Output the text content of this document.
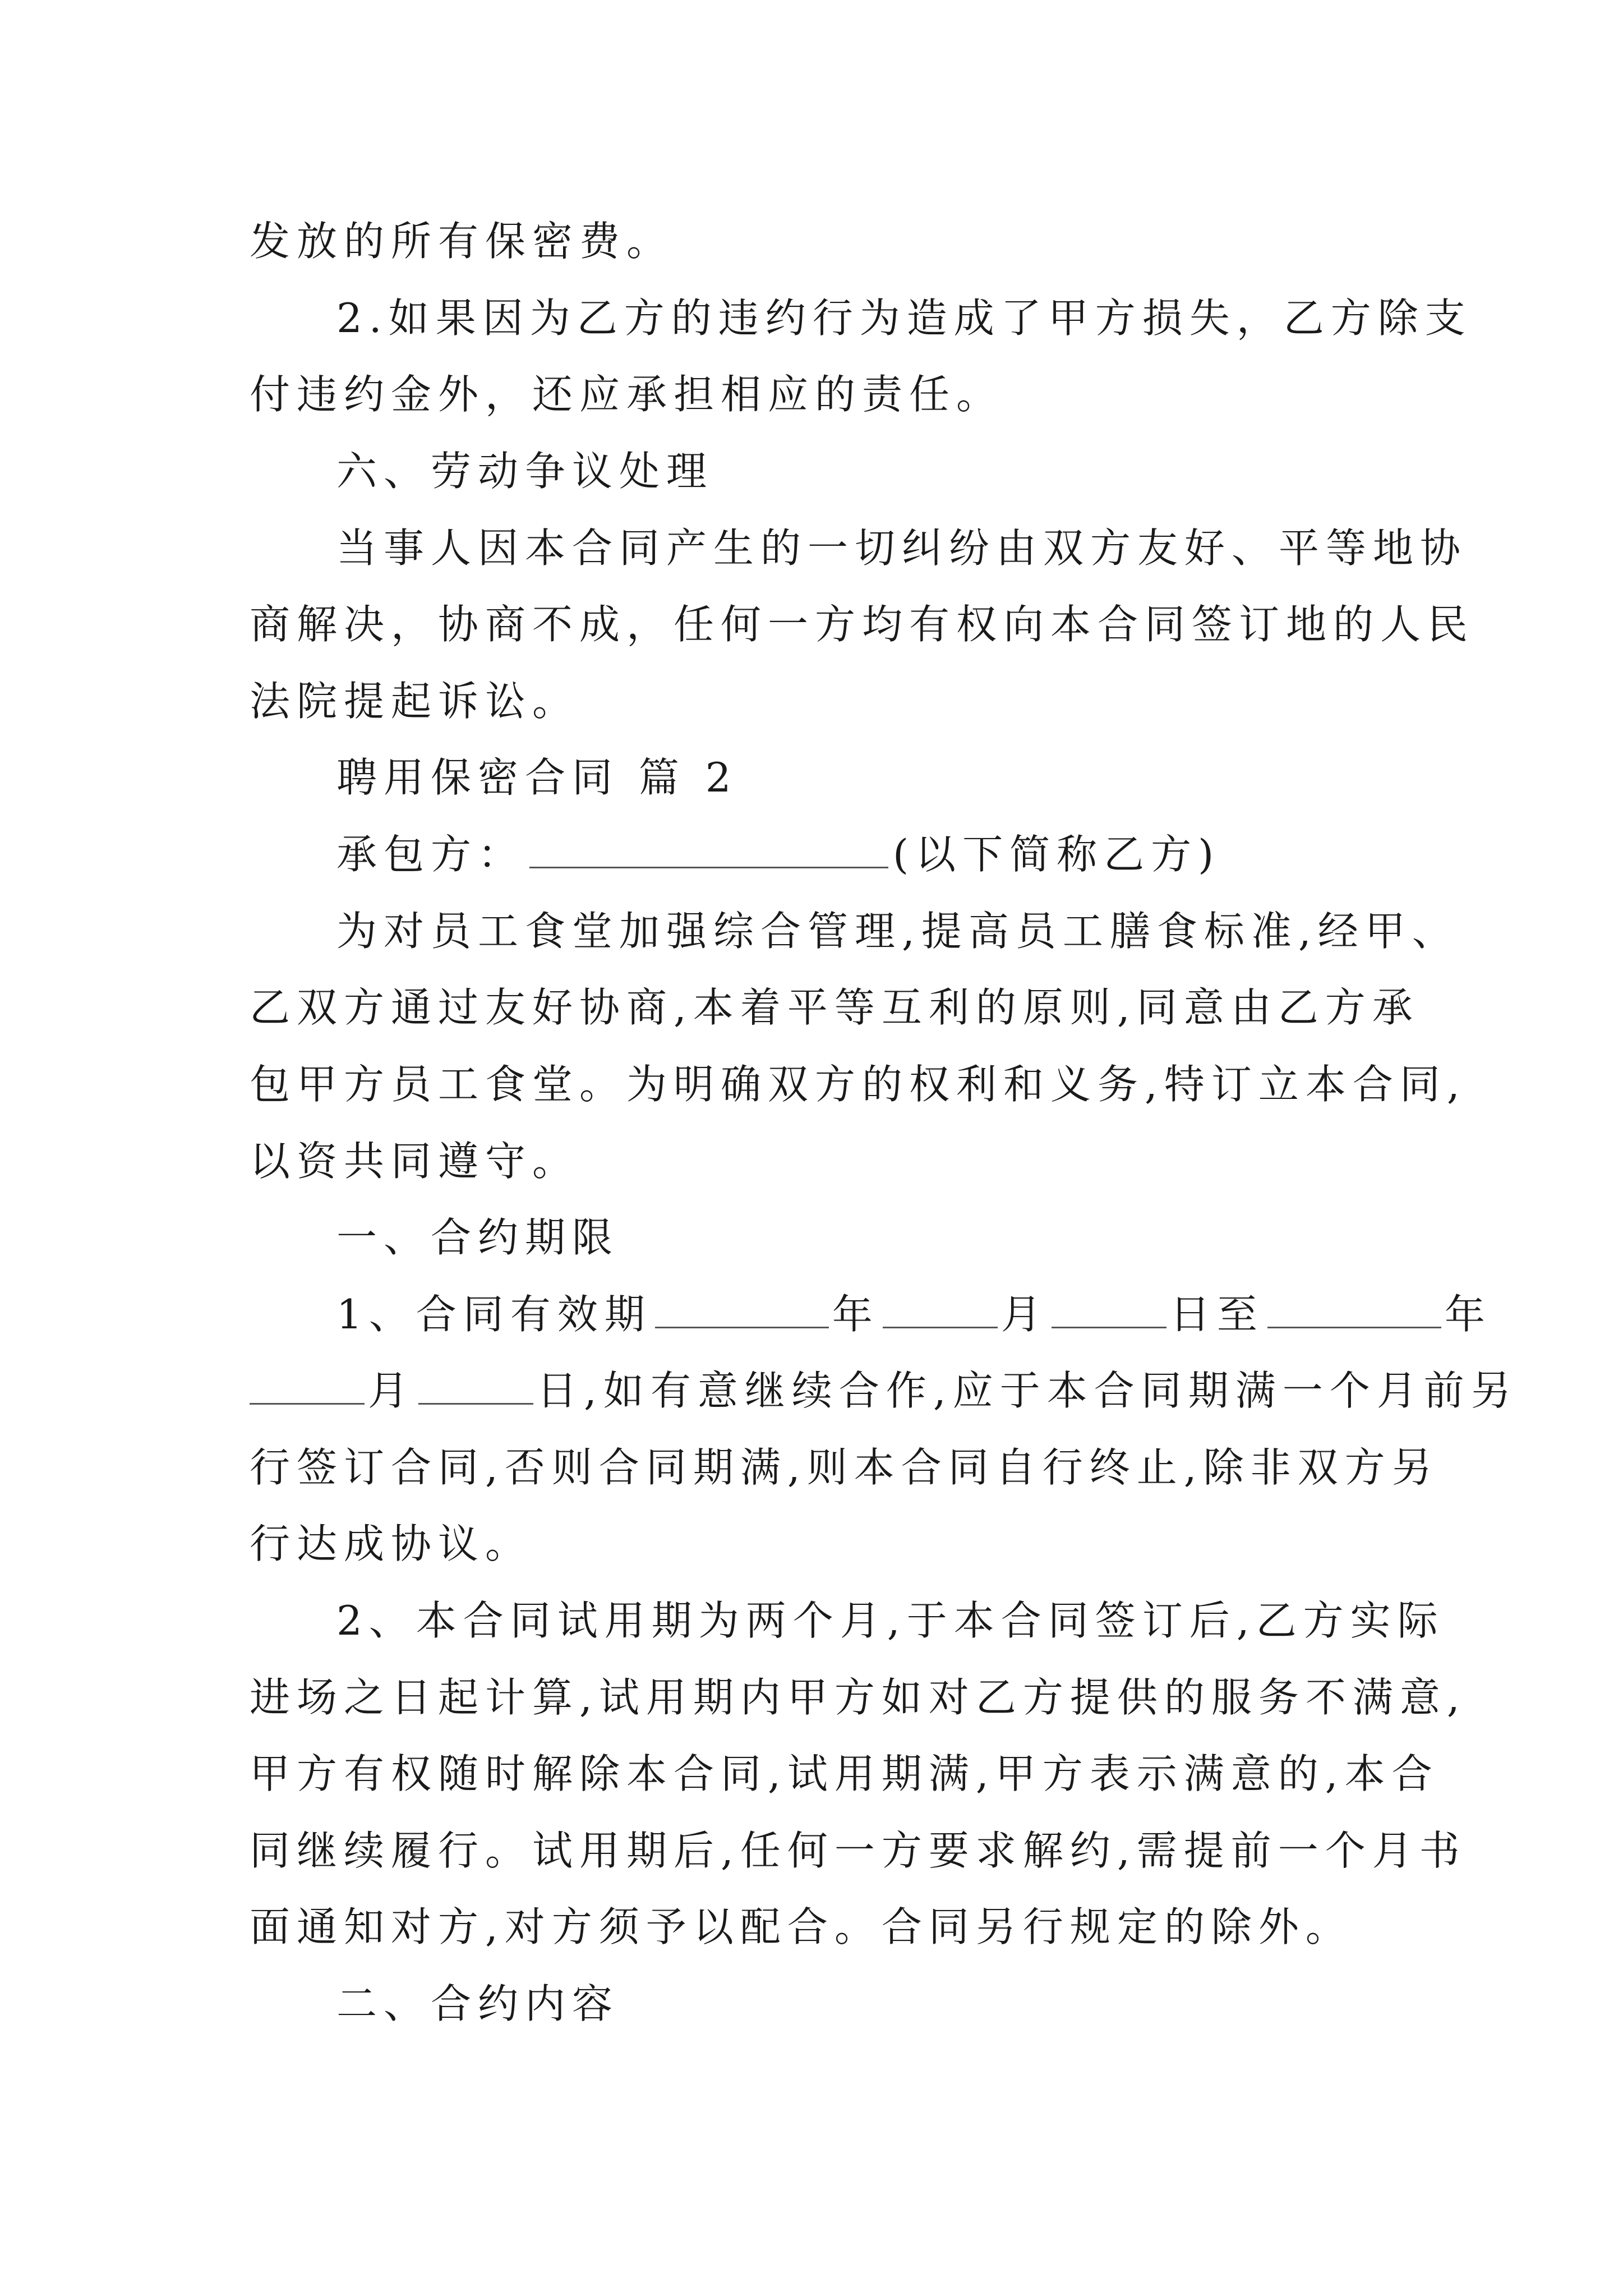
发放的所有保密费。
2.如果因为乙方的违约行为造成了甲方损失，乙方除支
付违约金外，还应承担相应的责任。
六、劳动争议处理
当事人因本合同产生的一切纠纷由双方友好、平等地协
商解决，协商不成，任何一方均有权向本合同签订地的人民
法院提起诉讼。
聘用保密合同 篇 2
承包方：	(以下简称乙方)
为对员工食堂加强综合管理,提高员工膳食标准,经甲、
乙双方通过友好协商,本着平等互利的原则,同意由乙方承
包甲方员工食堂。为明确双方的权利和义务,特订立本合同,
以资共同遵守。
一、合约期限
1、合同有效期	年	月	日至	年
月	日,如有意继续合作,应于本合同期满一个月前另
行签订合同,否则合同期满,则本合同自行终止,除非双方另
行达成协议。
2、本合同试用期为两个月,于本合同签订后,乙方实际
进场之日起计算,试用期内甲方如对乙方提供的服务不满意,
甲方有权随时解除本合同,试用期满,甲方表示满意的,本合
同继续履行。试用期后,任何一方要求解约,需提前一个月书
面通知对方,对方须予以配合。合同另行规定的除外。
二、合约内容
